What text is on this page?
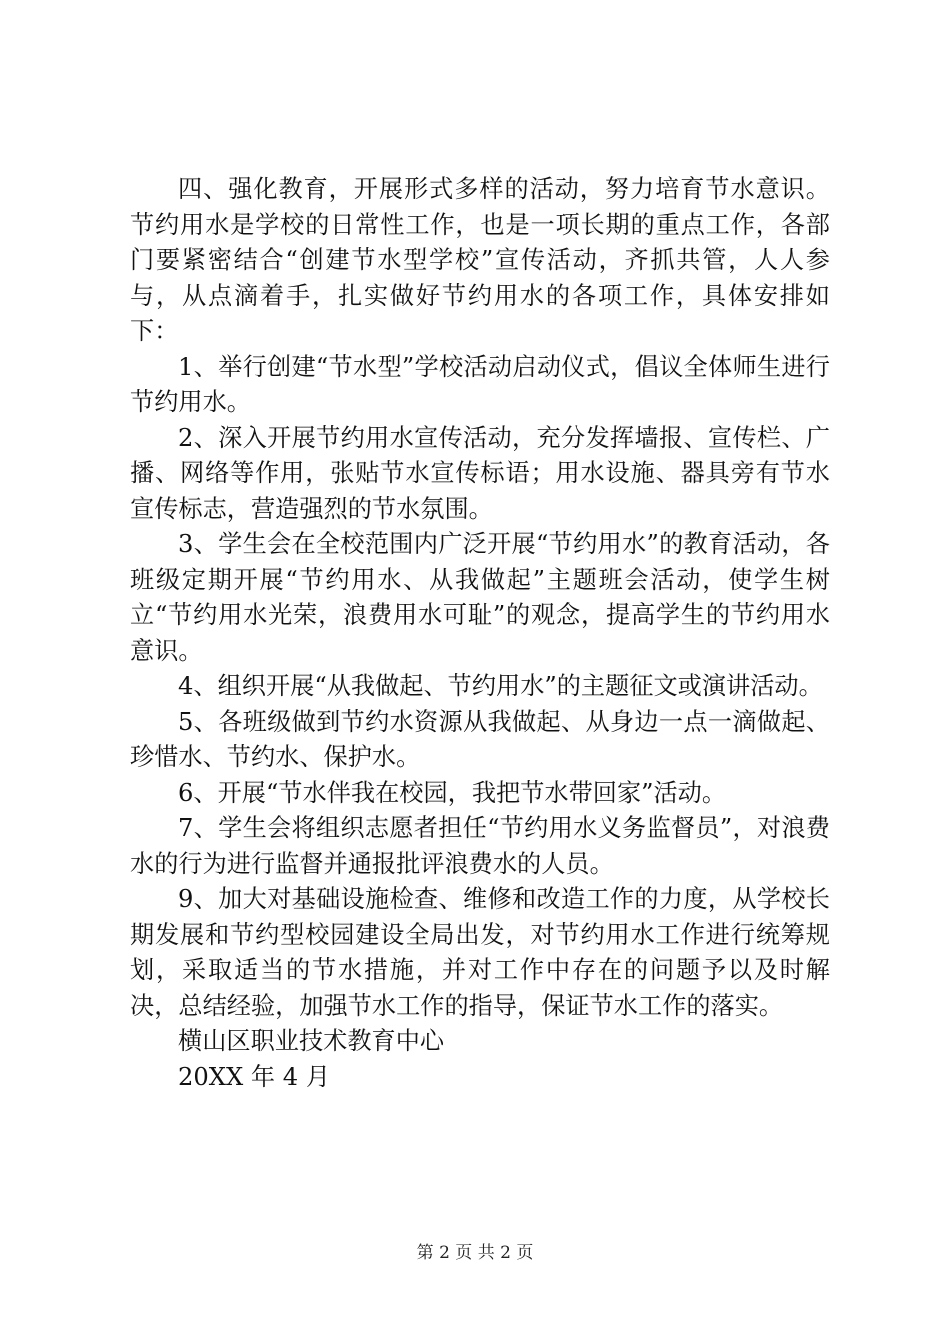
四、强化教育，开展形式多样的活动，努力培育节水意识。节约用水是学校的日常性工作，也是一项长期的重点工作，各部门要紧密结合“创建节水型学校”宣传活动，齐抓共管，人人参与，从点滴着手，扎实做好节约用水的各项工作，具体安排如下：

1、举行创建“节水型”学校活动启动仪式，倡议全体师生进行节约用水。

2、深入开展节约用水宣传活动，充分发挥墙报、宣传栏、广播、网络等作用，张贴节水宣传标语；用水设施、器具旁有节水宣传标志，营造强烈的节水氛围。

3、学生会在全校范围内广泛开展“节约用水”的教育活动，各班级定期开展“节约用水、从我做起”主题班会活动，使学生树立“节约用水光荣，浪费用水可耻”的观念，提高学生的节约用水意识。

4、组织开展“从我做起、节约用水”的主题征文或演讲活动。

5、各班级做到节约水资源从我做起、从身边一点一滴做起、珍惜水、节约水、保护水。

6、开展“节水伴我在校园，我把节水带回家”活动。

7、学生会将组织志愿者担任“节约用水义务监督员”，对浪费水的行为进行监督并通报批评浪费水的人员。

9、加大对基础设施检查、维修和改造工作的力度，从学校长期发展和节约型校园建设全局出发，对节约用水工作进行统筹规划，采取适当的节水措施，并对工作中存在的问题予以及时解决，总结经验，加强节水工作的指导，保证节水工作的落实。

横山区职业技术教育中心

20XX 年 4 月

第 2 页 共 2 页
